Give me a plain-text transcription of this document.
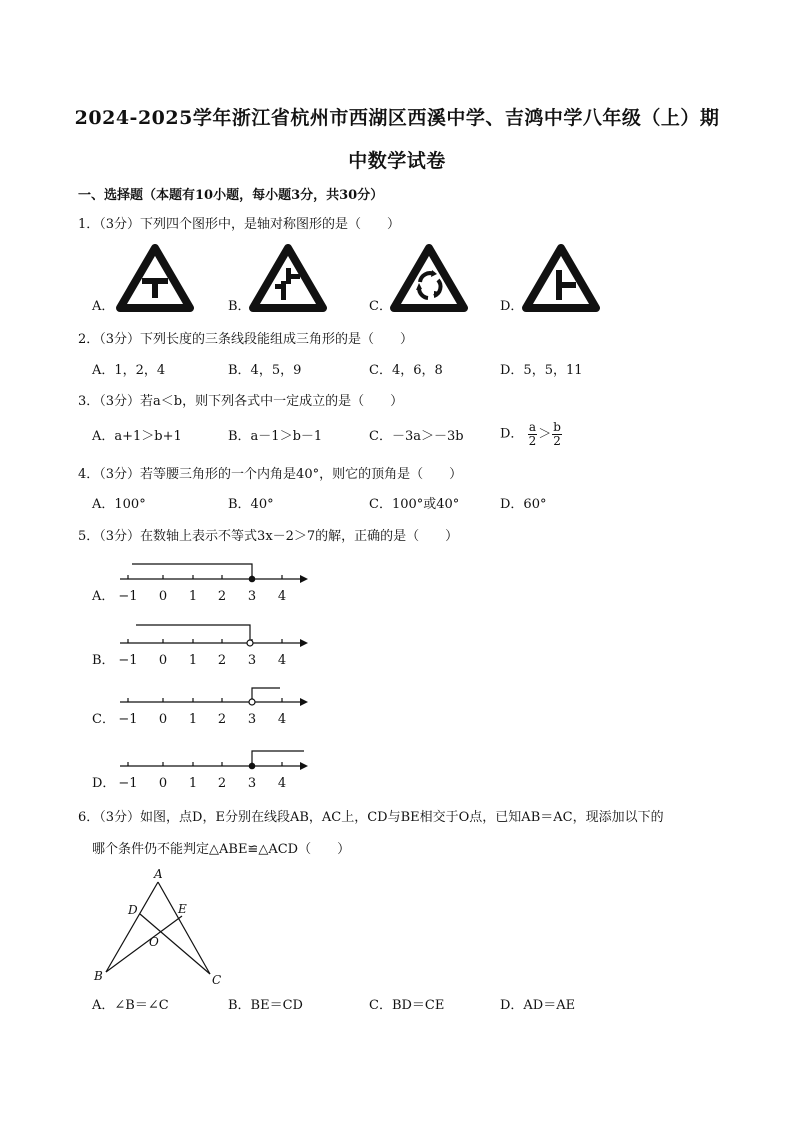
2024-2025学年浙江省杭州市西湖区西溪中学、吉鸿中学八年级（上）期
中数学试卷
一、选择题（本题有10小题，每小题3分，共30分）
1．（3分）下列四个图形中，是轴对称图形的是（　　）
A．	B．	C．	D．
2．（3分）下列长度的三条线段能组成三角形的是（　　）
A．1，2，4	B．4，5，9	C．4，6，8	D．5，5，11
3．（3分）若a＜b，则下列各式中一定成立的是（　　）
A．a+1＞b+1	B．a－1＞b－1	C．－3a＞－3b	D． $\frac{a}{2} > \frac{b}{2}$
4．（3分）若等腰三角形的一个内角是40°，则它的顶角是（　　）
A．100°	B．40°	C．100°或40°	D．60°
5．（3分）在数轴上表示不等式3x－2＞7的解，正确的是（　　）
A． −1 0 1 2 3 4
B． −1 0 1 2 3 4
C． −1 0 1 2 3 4
D． −1 0 1 2 3 4
6．（3分）如图，点D，E分别在线段AB，AC上，CD与BE相交于O点，已知AB＝AC，现添加以下的
哪个条件仍不能判定△ABE≌△ACD（　　）
A
D	E
O
B	C
A．∠B＝∠C	B．BE＝CD	C．BD＝CE	D．AD＝AE
